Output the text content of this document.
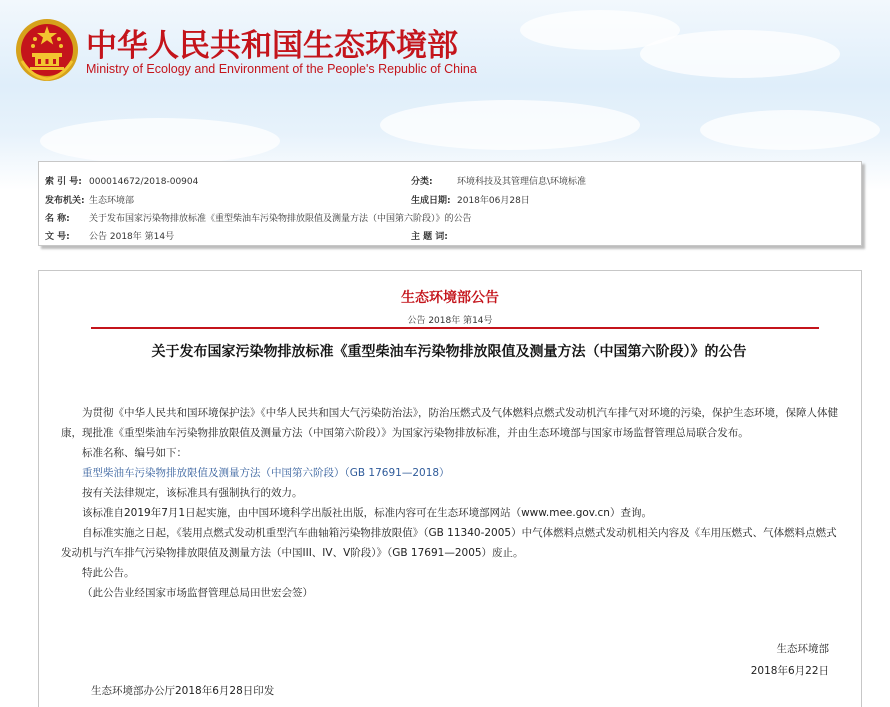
中华人民共和国生态环境部
Ministry of Ecology and Environment of the People's Republic of China
索 引 号: 000014672/2018-00904	分类:	环境科技及其管理信息\环境标准
发布机关: 生态环境部	生成日期: 2018年06月28日
名 称: 关于发布国家污染物排放标准《重型柴油车污染物排放限值及测量方法（中国第六阶段）》的公告
文 号: 公告 2018年 第14号	主 题 词:
生态环境部公告
公告 2018年 第14号
关于发布国家污染物排放标准《重型柴油车污染物排放限值及测量方法（中国第六阶段）》的公告

为贯彻《中华人民共和国环境保护法》《中华人民共和国大气污染防治法》，防治压燃式及气体燃料点燃式发动机汽车排气对环境的污染，保护生态环境，保障人体健康，现批准《重型柴油车污染物排放限值及测量方法（中国第六阶段）》为国家污染物排放标准，并由生态环境部与国家市场监督管理总局联合发布。

标准名称、编号如下：

重型柴油车污染物排放限值及测量方法（中国第六阶段）（GB 17691—2018）

按有关法律规定，该标准具有强制执行的效力。

该标准自2019年7月1日起实施，由中国环境科学出版社出版，标准内容可在生态环境部网站（www.mee.gov.cn）查询。

自标准实施之日起，《装用点燃式发动机重型汽车曲轴箱污染物排放限值》（GB 11340-2005）中气体燃料点燃式发动机相关内容及《车用压燃式、气体燃料点燃式发动机与汽车排气污染物排放限值及测量方法（中国III、IV、V阶段）》（GB 17691—2005）废止。

特此公告。

（此公告业经国家市场监督管理总局田世宏会签）

生态环境部
2018年6月22日
生态环境部办公厅2018年6月28日印发
